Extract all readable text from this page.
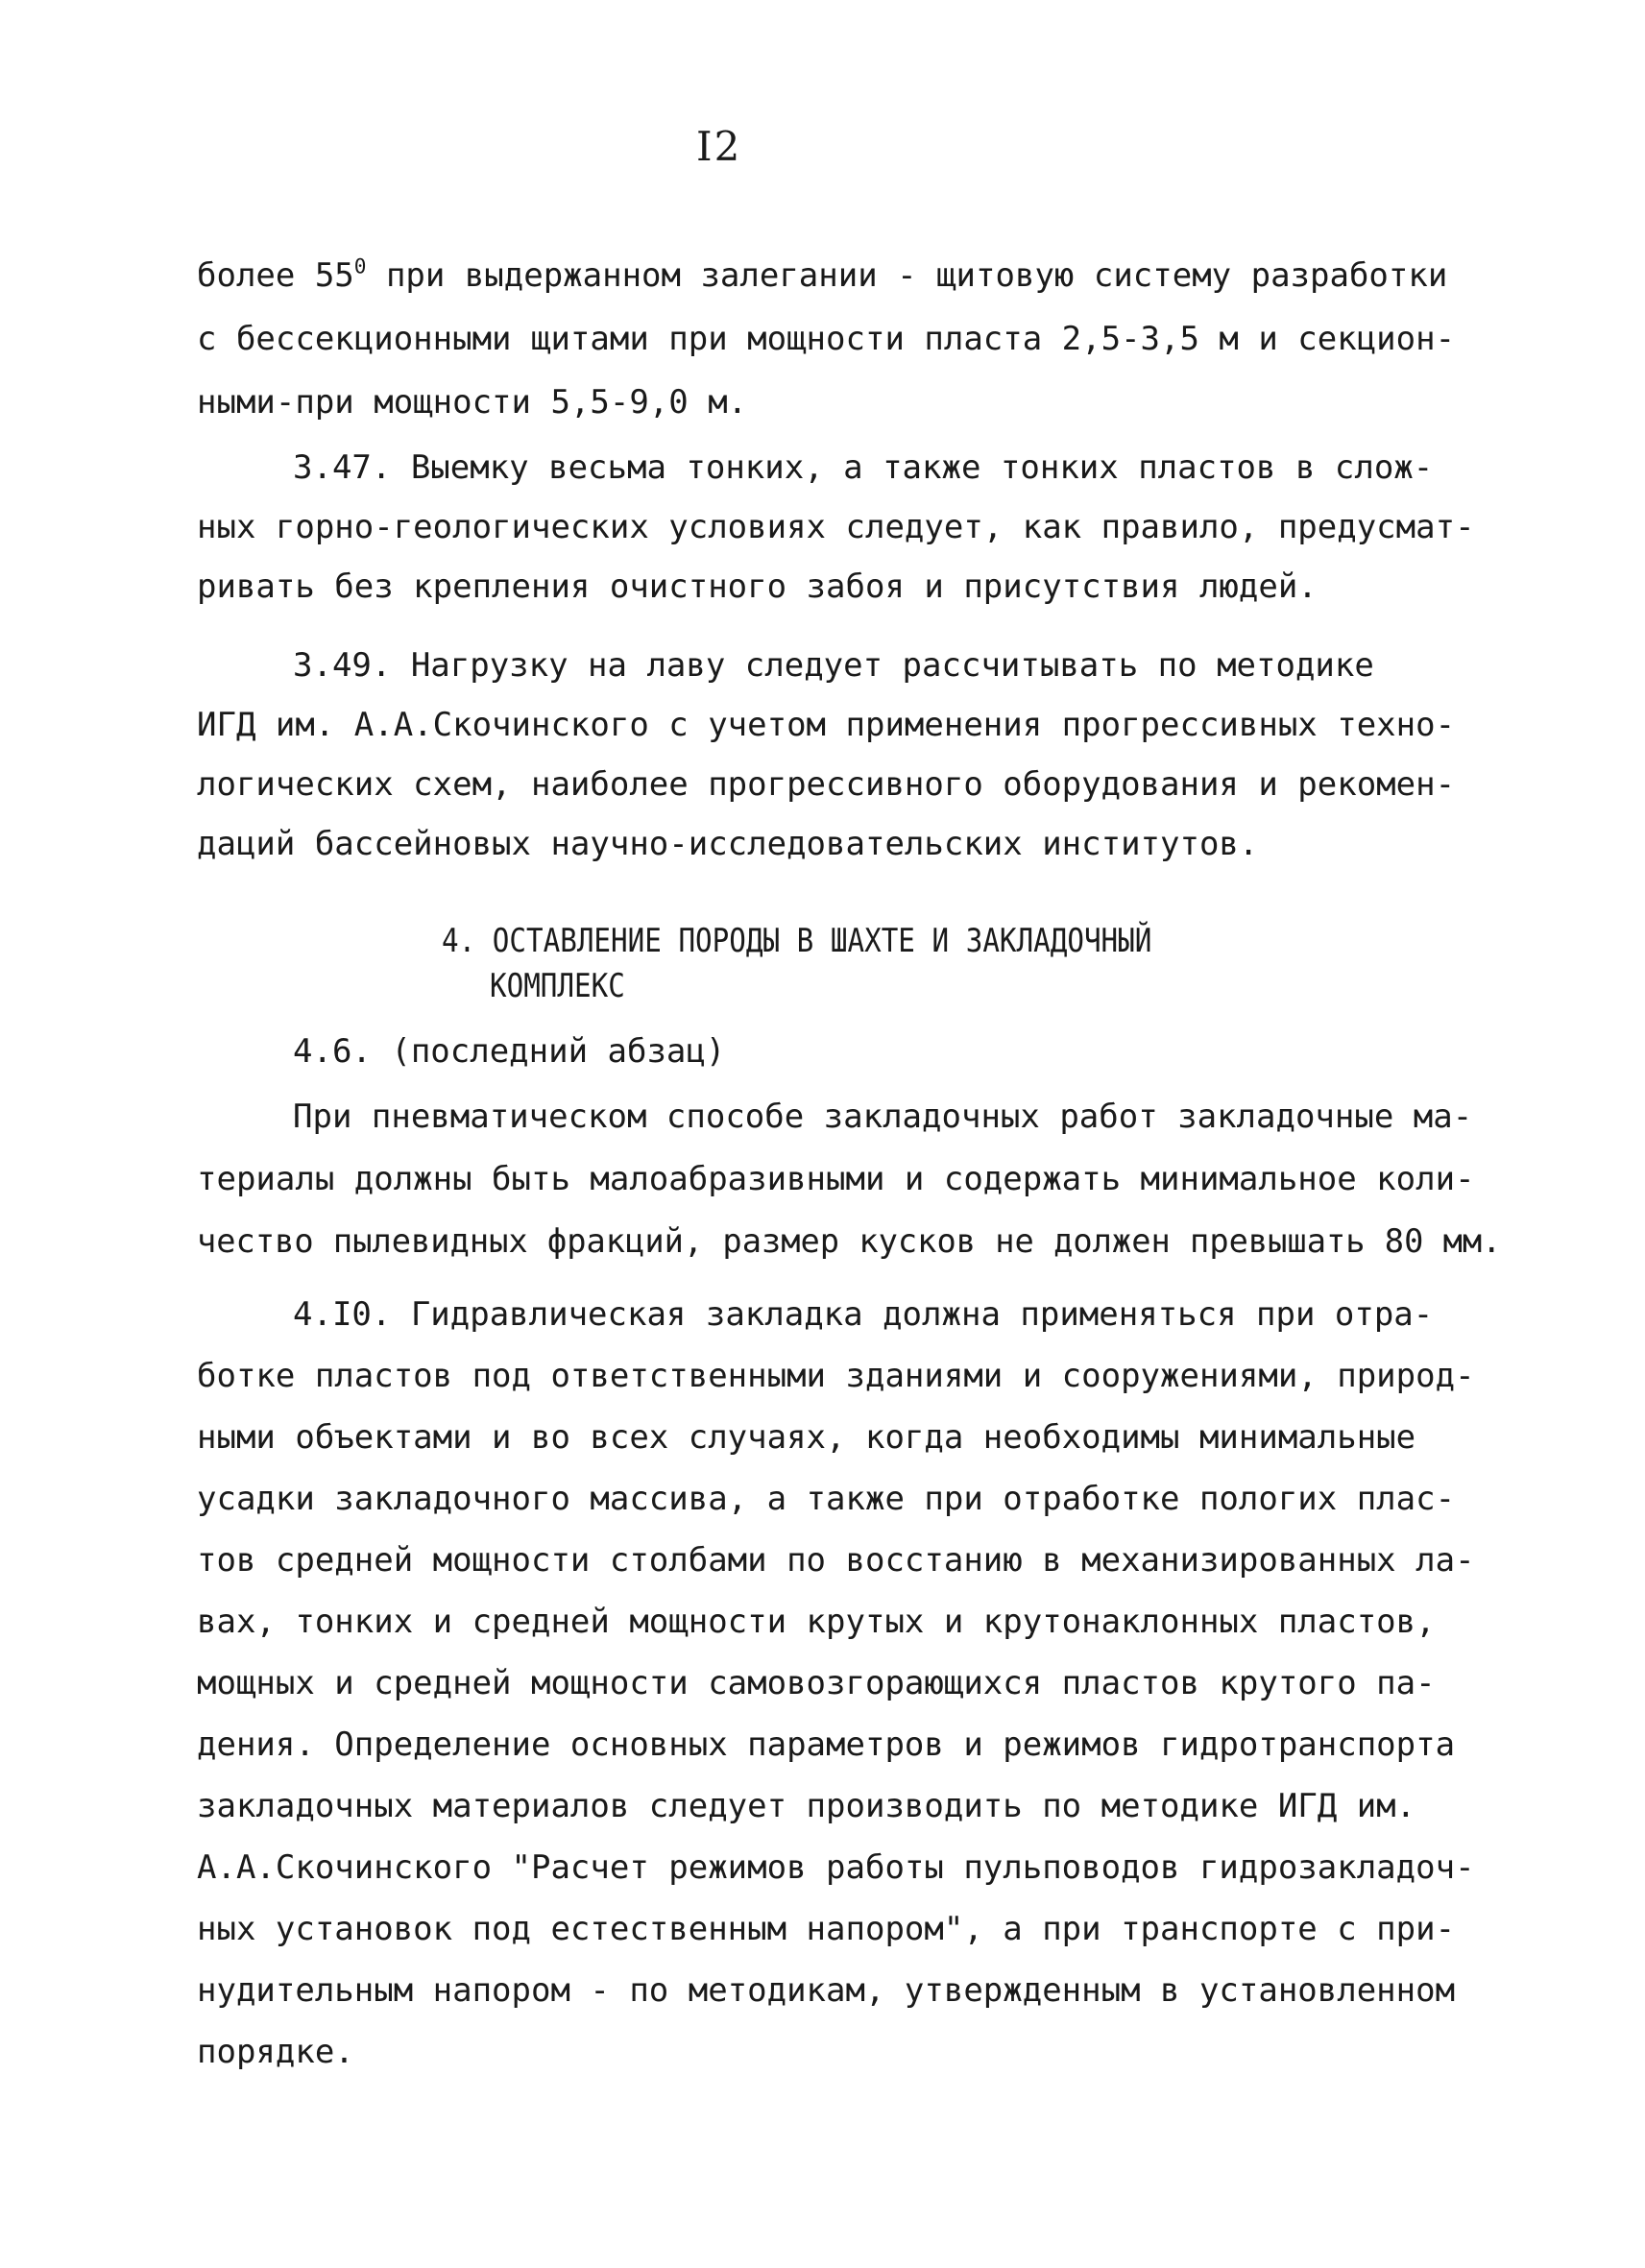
I2
более $55^0$ при выдержанном залегании - щитовую систему разработки
с бессекционными щитами при мощности пласта 2,5-3,5 м и секцион-
ными-при мощности 5,5-9,0 м.
3.47. Выемку весьма тонких, а также тонких пластов в слож-
ных горно-геологических условиях следует, как правило, предусмат-
ривать без крепления очистного забоя и присутствия людей.
3.49. Нагрузку на лаву следует рассчитывать по методике
ИГД им. А.А.Скочинского с учетом применения прогрессивных техно-
логических схем, наиболее прогрессивного оборудования и рекомен-
даций бассейновых научно-исследовательских институтов.
4. ОСТАВЛЕНИЕ ПОРОДЫ В ШАХТЕ И ЗАКЛАДОЧНЫЙ
КОМПЛЕКС
4.6. (последний абзац)
При пневматическом способе закладочных работ закладочные ма-
териалы должны быть малоабразивными и содержать минимальное коли-
чество пылевидных фракций, размер кусков не должен превышать 80 мм.
4.I0. Гидравлическая закладка должна применяться при отра-
ботке пластов под ответственными зданиями и сооружениями, природ-
ными объектами и во всех случаях, когда необходимы минимальные
усадки закладочного массива, а также при отработке пологих плас-
тов средней мощности столбами по восстанию в механизированных ла-
вах, тонких и средней мощности крутых и крутонаклонных пластов,
мощных и средней мощности самовозгорающихся пластов крутого па-
дения. Определение основных параметров и режимов гидротранспорта
закладочных материалов следует производить по методике ИГД им.
А.А.Скочинского "Расчет режимов работы пульповодов гидрозакладоч-
ных установок под естественным напором", а при транспорте с при-
нудительным напором - по методикам, утвержденным в установленном
порядке.
